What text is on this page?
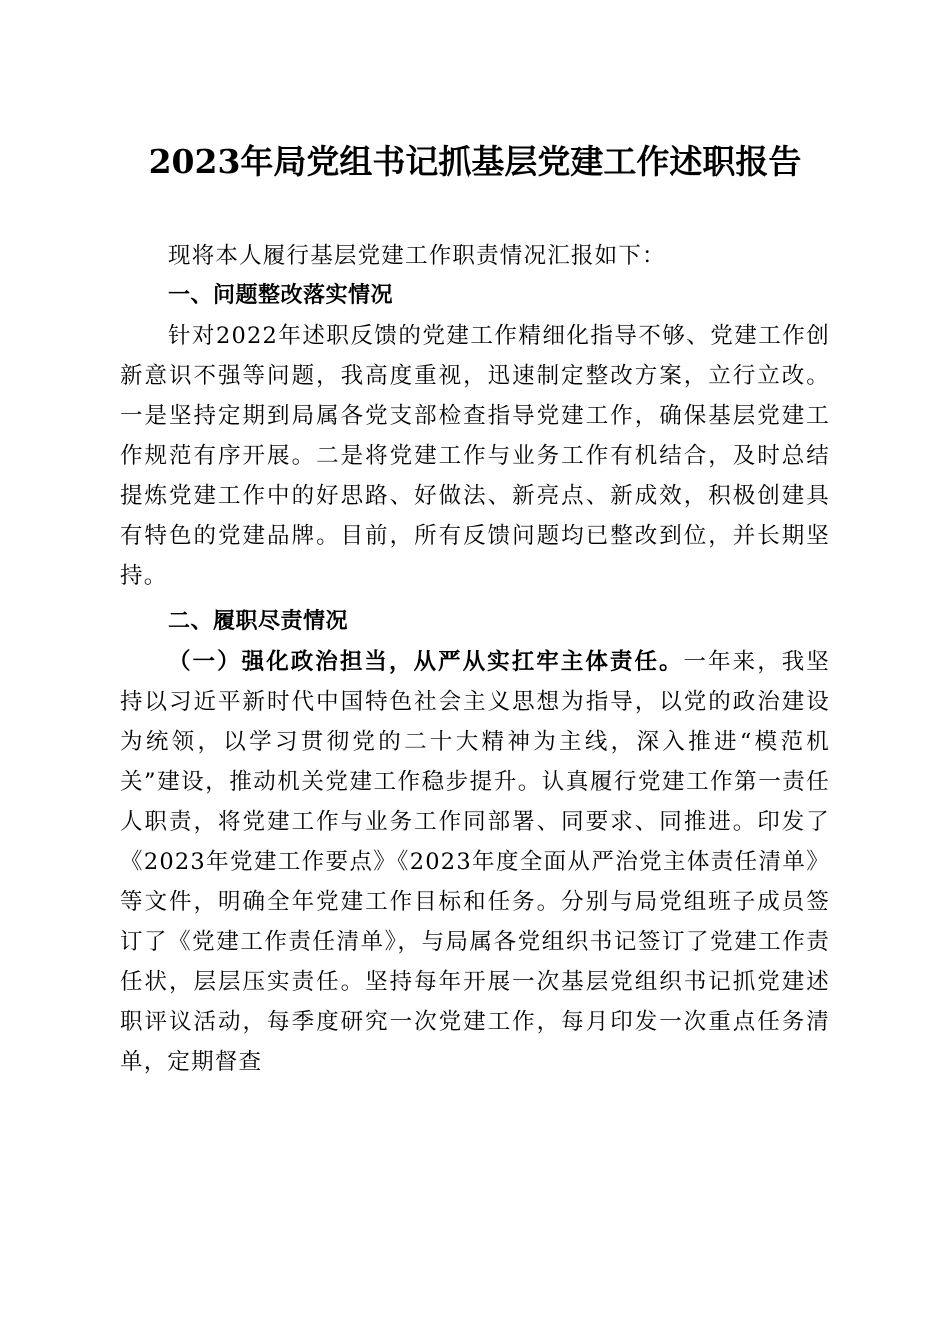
2023年局党组书记抓基层党建工作述职报告

现将本人履行基层党建工作职责情况汇报如下：

一、问题整改落实情况

针对2022年述职反馈的党建工作精细化指导不够、党建工作创新意识不强等问题，我高度重视，迅速制定整改方案，立行立改。一是坚持定期到局属各党支部检查指导党建工作，确保基层党建工作规范有序开展。二是将党建工作与业务工作有机结合，及时总结提炼党建工作中的好思路、好做法、新亮点、新成效，积极创建具有特色的党建品牌。目前，所有反馈问题均已整改到位，并长期坚持。

二、履职尽责情况

（一）强化政治担当，从严从实扛牢主体责任。一年来，我坚持以习近平新时代中国特色社会主义思想为指导，以党的政治建设为统领，以学习贯彻党的二十大精神为主线，深入推进“模范机关”建设，推动机关党建工作稳步提升。认真履行党建工作第一责任人职责，将党建工作与业务工作同部署、同要求、同推进。印发了《2023年党建工作要点》《2023年度全面从严治党主体责任清单》等文件，明确全年党建工作目标和任务。分别与局党组班子成员签订了《党建工作责任清单》，与局属各党组织书记签订了党建工作责任状，层层压实责任。坚持每年开展一次基层党组织书记抓党建述职评议活动，每季度研究一次党建工作，每月印发一次重点任务清单，定期督查
